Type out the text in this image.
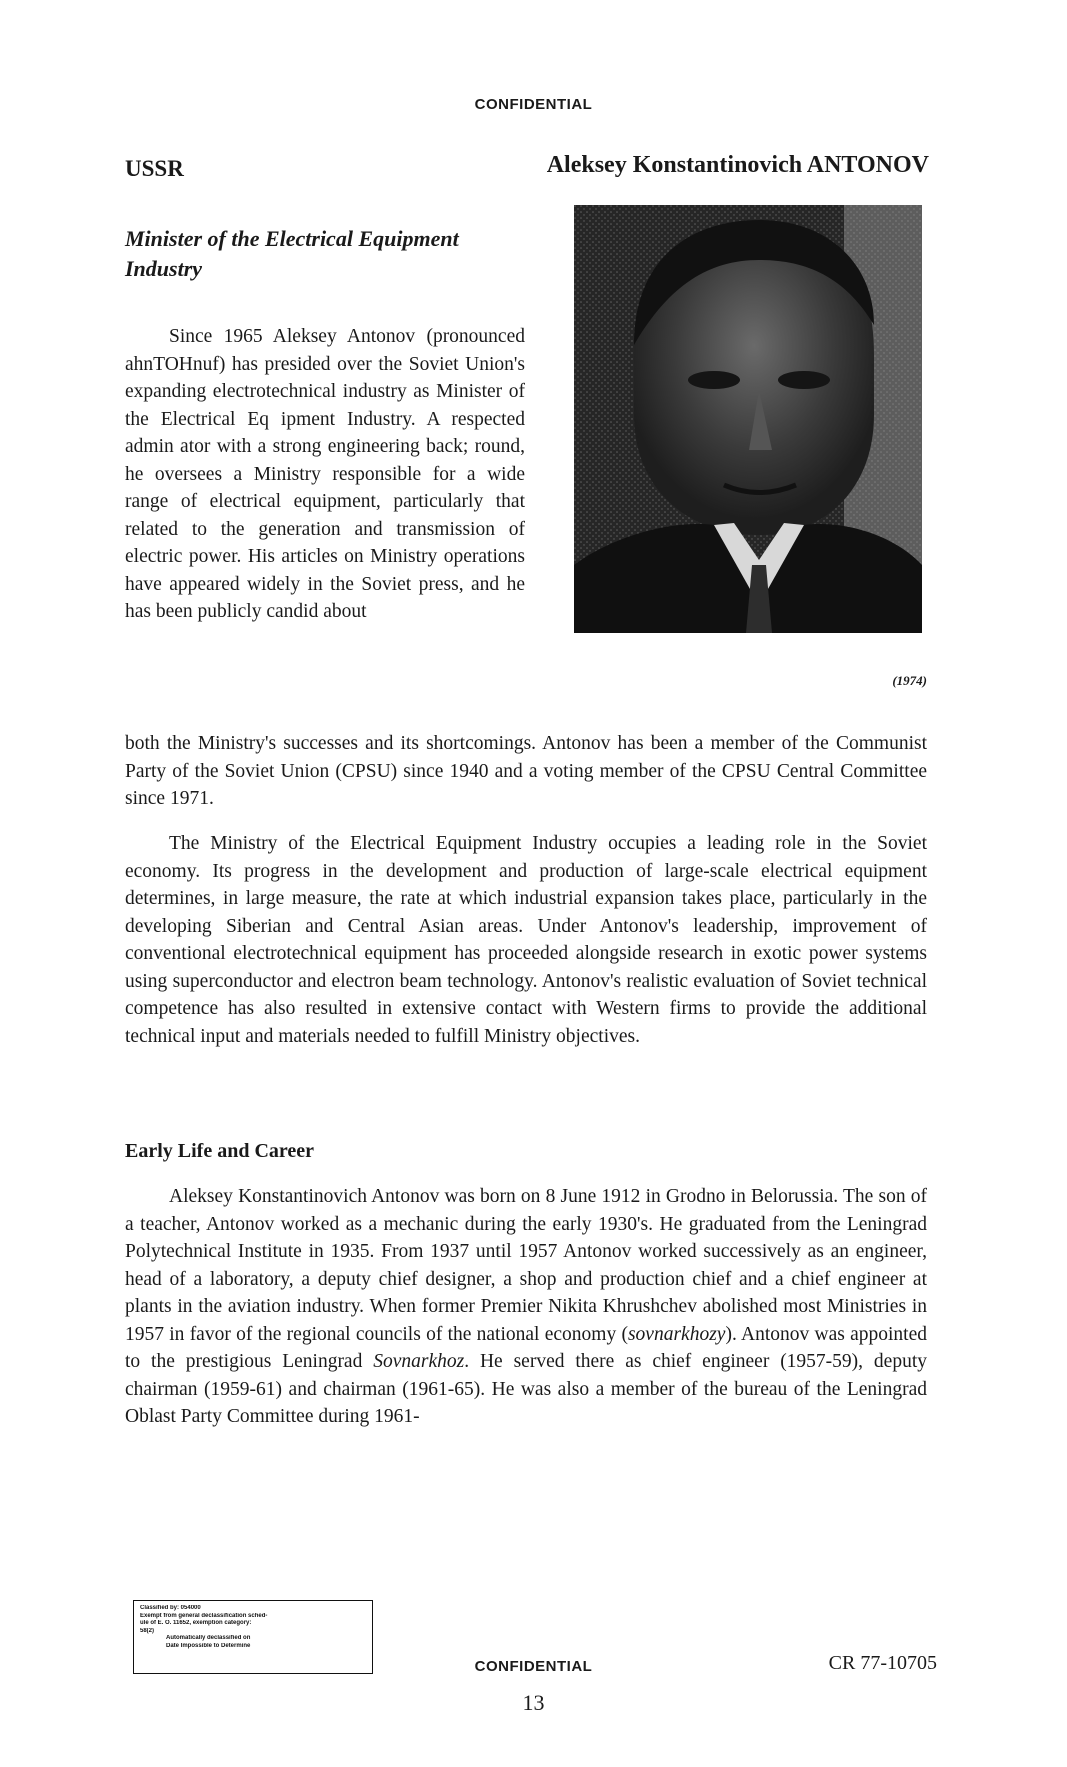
CONFIDENTIAL
USSR	Aleksey Konstantinovich ANTONOV
Minister of the Electrical Equipment Industry
(1974)

Since 1965 Aleksey Antonov (pronounced ahnTOHnuf) has presided over the Soviet Union's expanding electrotechnical industry as Minister of the Electrical Eq ipment Industry. A respected admin ator with a strong engineering back; round, he oversees a Ministry responsible for a wide range of electrical equipment, particularly that related to the generation and transmission of electric power. His articles on Ministry operations have appeared widely in the Soviet press, and he has been publicly candid about

both the Ministry's successes and its shortcomings. Antonov has been a member of the Communist Party of the Soviet Union (CPSU) since 1940 and a voting member of the CPSU Central Committee since 1971.

The Ministry of the Electrical Equipment Industry occupies a leading role in the Soviet economy. Its progress in the development and production of large-scale electrical equipment determines, in large measure, the rate at which industrial expansion takes place, particularly in the developing Siberian and Central Asian areas. Under Antonov's leadership, improvement of conventional electrotechnical equipment has proceeded alongside research in exotic power systems using superconductor and electron beam technology. Antonov's realistic evaluation of Soviet technical competence has also resulted in extensive contact with Western firms to provide the additional technical input and materials needed to fulfill Ministry objectives.

Early Life and Career

Aleksey Konstantinovich Antonov was born on 8 June 1912 in Grodno in Belorussia. The son of a teacher, Antonov worked as a mechanic during the early 1930's. He graduated from the Leningrad Polytechnical Institute in 1935. From 1937 until 1957 Antonov worked successively as an engineer, head of a laboratory, a deputy chief designer, a shop and production chief and a chief engineer at plants in the aviation industry. When former Premier Nikita Khrushchev abolished most Ministries in 1957 in favor of the regional councils of the national economy (sovnarkhozy). Antonov was appointed to the prestigious Leningrad Sovnarkhoz. He served there as chief engineer (1957-59), deputy chairman (1959-61) and chairman (1961-65). He was also a member of the bureau of the Leningrad Oblast Party Committee during 1961-

Classified by: 054000
Exempt from general declassification sched-
ule of E. O. 11652, exemption category:
58(2)
Automatically declassified on
Date Impossible to Determine
CONFIDENTIAL	CR 77-10705
13
